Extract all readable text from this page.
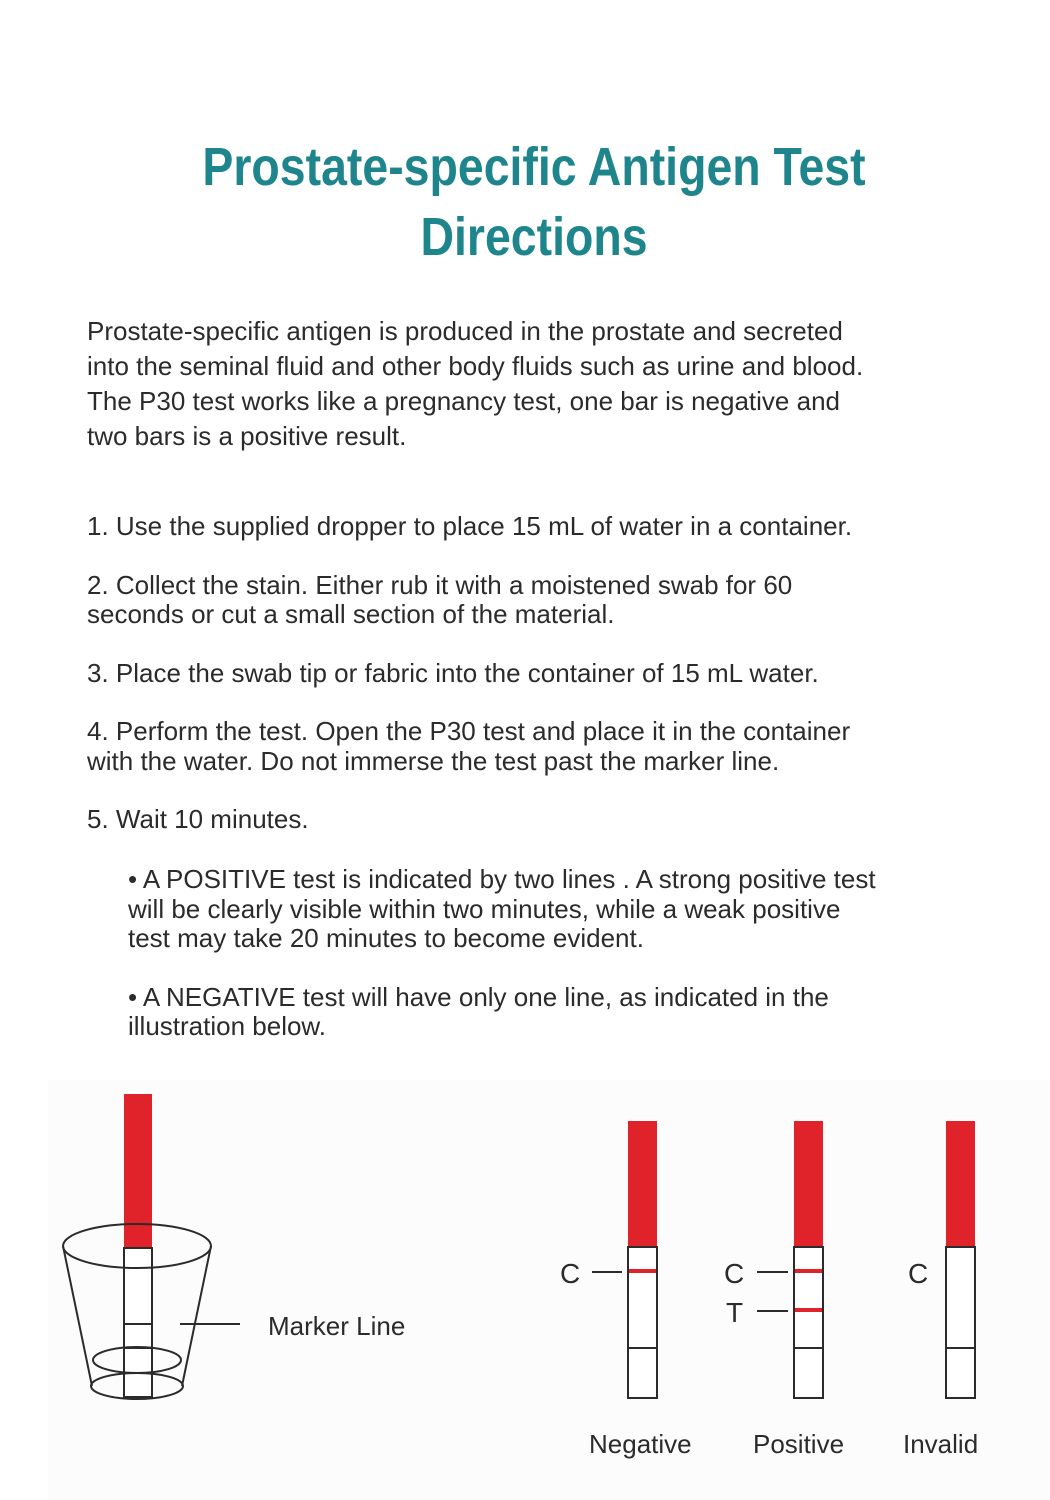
Prostate-specific Antigen Test
Directions
Prostate-specific antigen is produced in the prostate and secreted
into the seminal fluid and other body fluids such as urine and blood.
The P30 test works like a pregnancy test, one bar is negative and
two bars is a positive result.
1. Use the supplied dropper to place 15 mL of water in a container.
2. Collect the stain. Either rub it with a moistened swab for 60
seconds or cut a small section of the material.
3. Place the swab tip or fabric into the container of 15 mL water.
4. Perform the test. Open the P30 test and place it in the container
with the water. Do not immerse the test past the marker line.
5. Wait 10 minutes.
• A POSITIVE test is indicated by two lines . A strong positive test
will be clearly visible within two minutes, while a weak positive
test may take 20 minutes to become evident.
• A NEGATIVE test will have only one line, as indicated in the
illustration below.
Marker Line
C
Negative
C
T
Positive
C
Invalid
